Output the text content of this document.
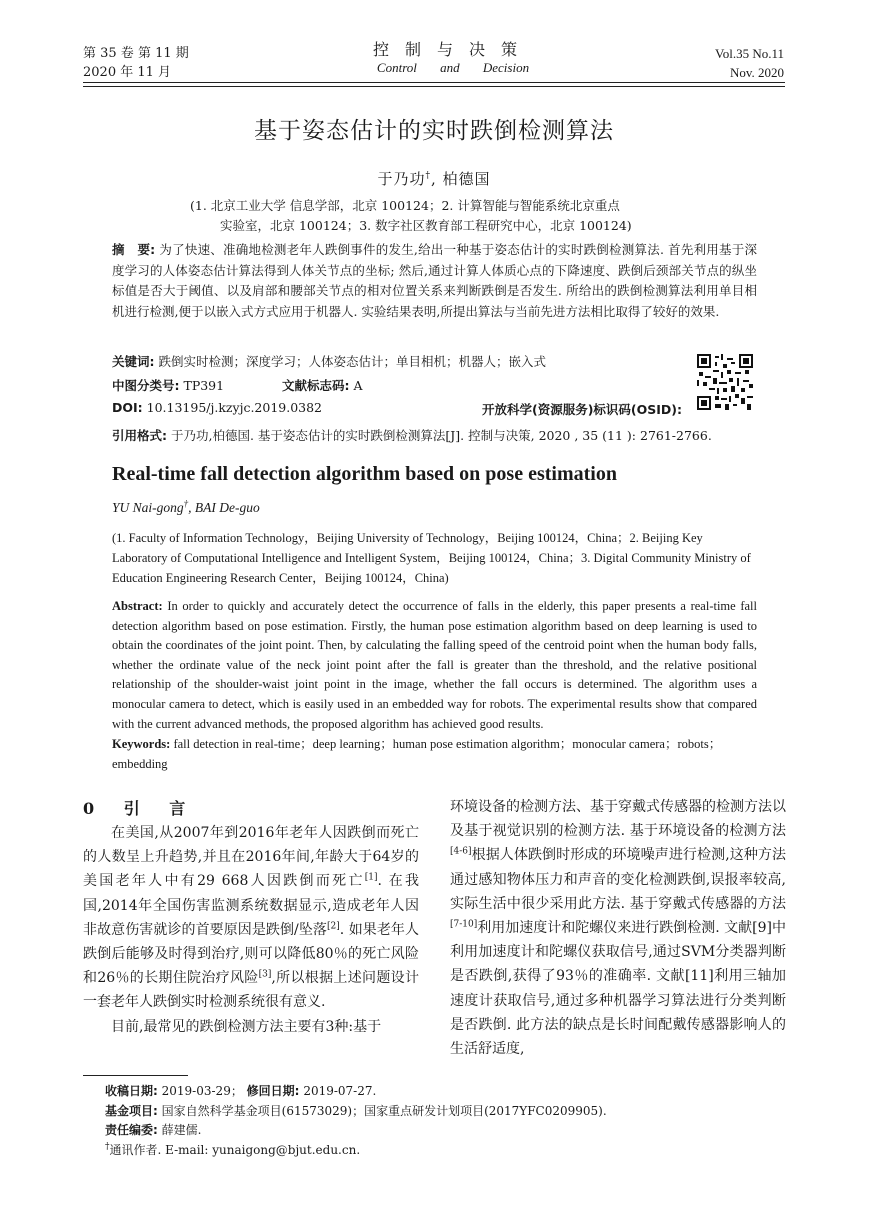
第 35 卷 第 11 期
2020 年 11 月
控制与决策
Control and Decision
Vol.35 No.11
Nov. 2020
基于姿态估计的实时跌倒检测算法
于乃功†, 柏德国
(1. 北京工业大学 信息学部，北京 100124；2. 计算智能与智能系统北京重点
实验室，北京 100124；3. 数字社区教育部工程研究中心，北京 100124)
摘　要: 为了快速、准确地检测老年人跌倒事件的发生,给出一种基于姿态估计的实时跌倒检测算法. 首先利用基于深度学习的人体姿态估计算法得到人体关节点的坐标; 然后,通过计算人体质心点的下降速度、跌倒后颈部关节点的纵坐标值是否大于阈值、以及肩部和腰部关节点的相对位置关系来判断跌倒是否发生. 所给出的跌倒检测算法利用单目相机进行检测,便于以嵌入式方式应用于机器人. 实验结果表明,所提出算法与当前先进方法相比取得了较好的效果.
关键词: 跌倒实时检测；深度学习；人体姿态估计；单目相机；机器人；嵌入式
中图分类号: TP391	文献标志码: A
DOI: 10.13195/j.kzyjc.2019.0382	开放科学(资源服务)标识码(OSID):
引用格式: 于乃功,柏德国. 基于姿态估计的实时跌倒检测算法[J]. 控制与决策, 2020 , 35 (11 ): 2761-2766.
Real-time fall detection algorithm based on pose estimation
YU Nai-gong†, BAI De-guo
(1. Faculty of Information Technology，Beijing University of Technology，Beijing 100124，China；2. Beijing Key Laboratory of Computational Intelligence and Intelligent System，Beijing 100124，China；3. Digital Community Ministry of Education Engineering Research Center，Beijing 100124，China)
Abstract: In order to quickly and accurately detect the occurrence of falls in the elderly, this paper presents a real-time fall detection algorithm based on pose estimation. Firstly, the human pose estimation algorithm based on deep learning is used to obtain the coordinates of the joint point. Then, by calculating the falling speed of the centroid point when the human body falls, whether the ordinate value of the neck joint point after the fall is greater than the threshold, and the relative positional relationship of the shoulder-waist joint point in the image, whether the fall occurs is determined. The algorithm uses a monocular camera to detect, which is easily used in an embedded way for robots. The experimental results show that compared with the current advanced methods, the proposed algorithm has achieved good results.
Keywords: fall detection in real-time；deep learning；human pose estimation algorithm；monocular camera；robots；embedding
0 引 言

在美国,从2007年到2016年老年人因跌倒而死亡的人数呈上升趋势,并且在2016年间,年龄大于64岁的美国老年人中有29 668人因跌倒而死亡[1]. 在我国,2014年全国伤害监测系统数据显示,造成老年人因非故意伤害就诊的首要原因是跌倒/坠落[2]. 如果老年人跌倒后能够及时得到治疗,则可以降低80％的死亡风险和26％的长期住院治疗风险[3],所以根据上述问题设计一套老年人跌倒实时检测系统很有意义.

目前,最常见的跌倒检测方法主要有3种:基于

环境设备的检测方法、基于穿戴式传感器的检测方法以及基于视觉识别的检测方法. 基于环境设备的检测方法[4-6]根据人体跌倒时形成的环境噪声进行检测,这种方法通过感知物体压力和声音的变化检测跌倒,误报率较高,实际生活中很少采用此方法. 基于穿戴式传感器的方法[7-10]利用加速度计和陀螺仪来进行跌倒检测. 文献[9]中利用加速度计和陀螺仪获取信号,通过SVM分类器判断是否跌倒,获得了93％的准确率. 文献[11]利用三轴加速度计获取信号,通过多种机器学习算法进行分类判断是否跌倒. 此方法的缺点是长时间配戴传感器影响人的生活舒适度,

收稿日期: 2019-03-29； 修回日期: 2019-07-27.
基金项目: 国家自然科学基金项目(61573029)；国家重点研发计划项目(2017YFC0209905).
责任编委: 薛建儒.
†通讯作者. E-mail: yunaigong@bjut.edu.cn.
